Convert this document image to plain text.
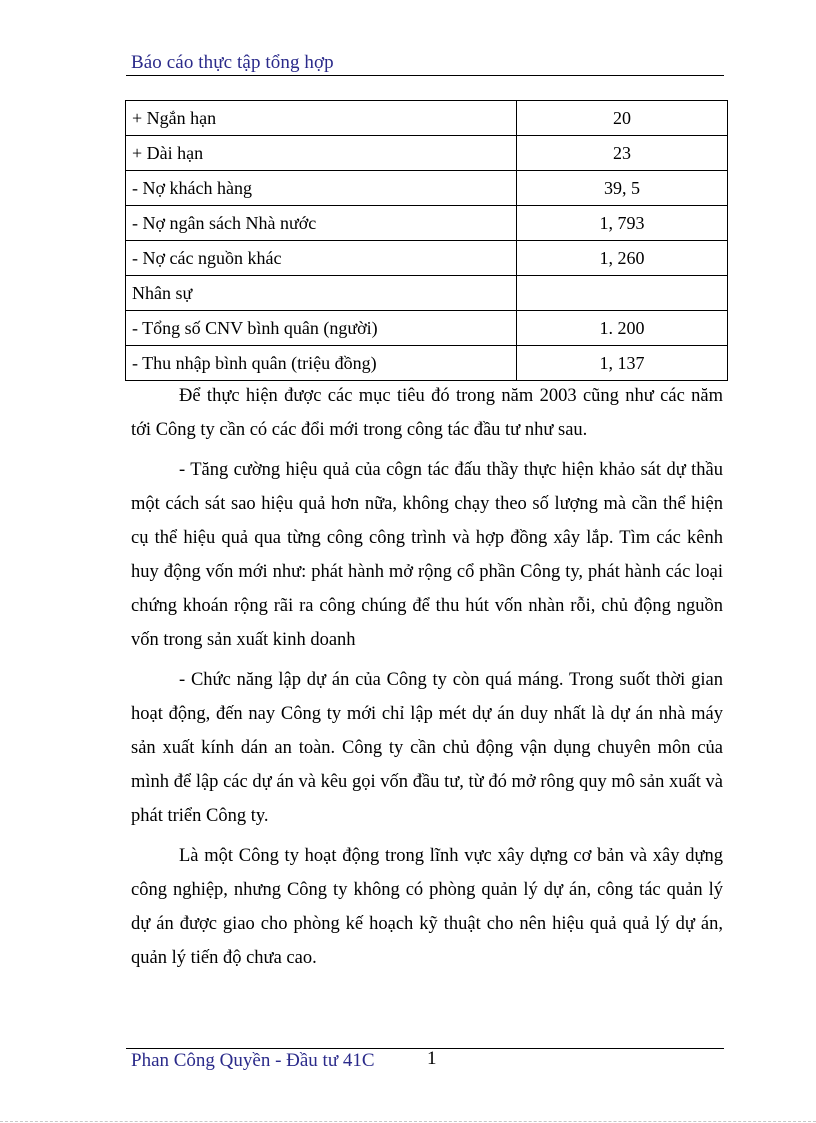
Báo cáo thực tập tổng hợp
+ Ngắn hạn	20
+ Dài hạn	23
- Nợ khách hàng	39, 5
- Nợ ngân sách Nhà nước	1, 793
- Nợ các nguồn khác	1, 260
Nhân sự	
- Tổng số CNV bình quân (người)	1. 200
- Thu nhập bình quân (triệu đồng)	1, 137

Để thực hiện được các mục tiêu đó trong năm 2003 cũng như các năm tới Công ty cần có các đổi mới trong công tác đầu tư như sau.

- Tăng cường hiệu quả của côgn tác đấu thầy thực hiện khảo sát dự thầu một cách sát sao hiệu quả hơn nữa, không chạy theo số lượng mà cần thể hiện cụ thể hiệu quả qua từng công công trình và hợp đồng xây lắp. Tìm các kênh huy động vốn mới như: phát hành mở rộng cổ phần Công ty, phát hành các loại chứng khoán rộng rãi ra công chúng để thu hút vốn nhàn rỗi, chủ động nguồn vốn trong sản xuất kinh doanh

- Chức năng lập dự án của Công ty còn quá máng. Trong suốt thời gian hoạt động, đến nay Công ty mới chỉ lập mét dự án duy nhất là dự án nhà máy sản xuất kính dán an toàn. Công ty cần chủ động vận dụng chuyên môn của mình để lập các dự án và kêu gọi vốn đầu tư, từ đó mở rông quy mô sản xuất và phát triển Công ty.

Là một Công ty hoạt động trong lĩnh vực xây dựng cơ bản và xây dựng công nghiệp, nhưng Công ty không có phòng quản lý dự án, công tác quản lý dự án được giao cho phòng kế hoạch kỹ thuật cho nên hiệu quả quả lý dự án, quản lý tiến độ chưa cao.

Phan Công Quyền - Đầu tư 41C	1
